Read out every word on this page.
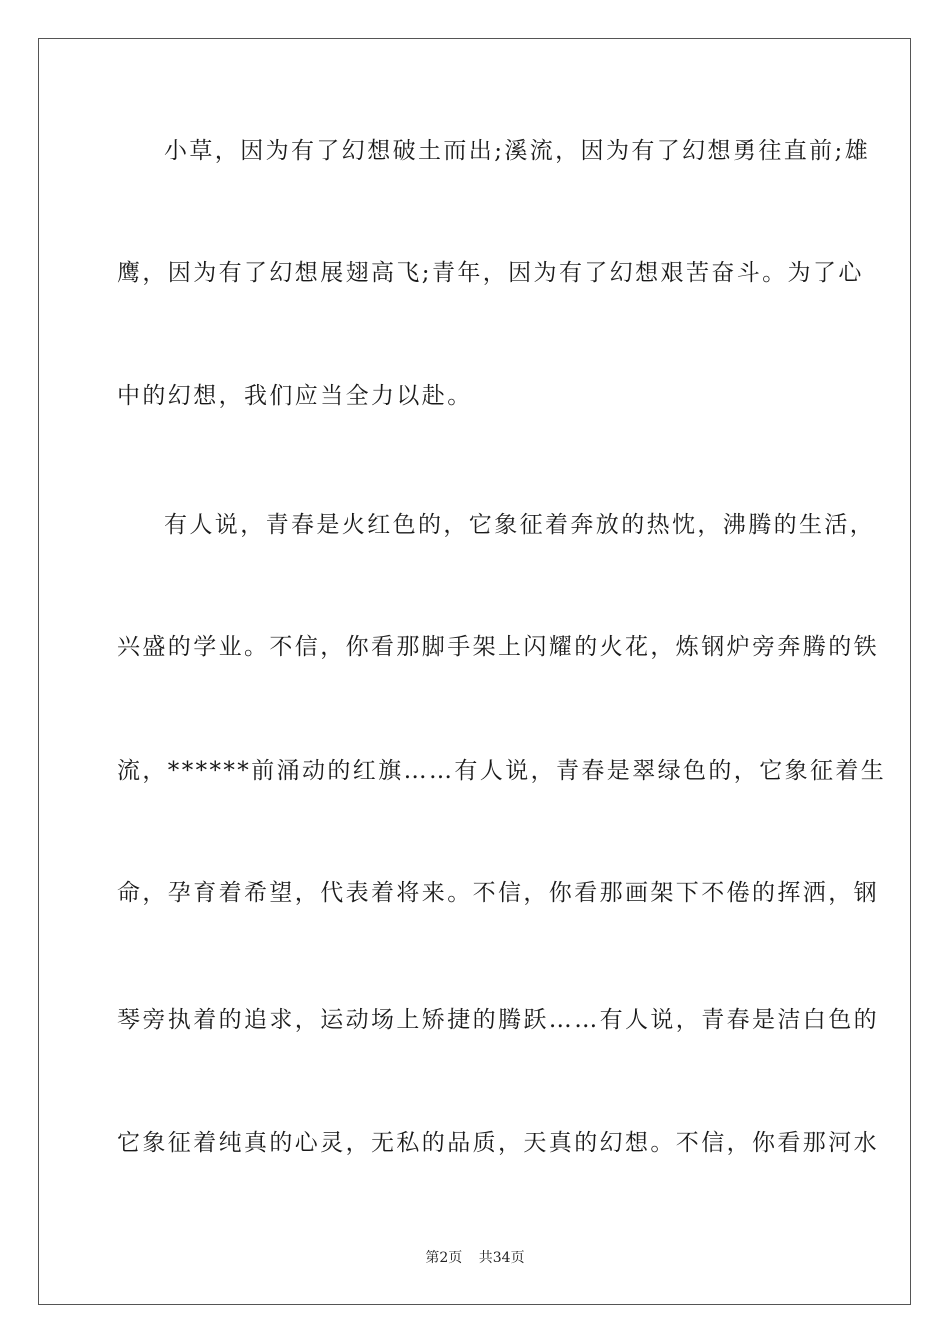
小草，因为有了幻想破土而出;溪流，因为有了幻想勇往直前;雄
鹰，因为有了幻想展翅高飞;青年，因为有了幻想艰苦奋斗。为了心
中的幻想，我们应当全力以赴。
有人说，青春是火红色的，它象征着奔放的热忱，沸腾的生活，
兴盛的学业。不信，你看那脚手架上闪耀的火花，炼钢炉旁奔腾的铁
流，******前涌动的红旗……有人说，青春是翠绿色的，它象征着生
命，孕育着希望，代表着将来。不信，你看那画架下不倦的挥洒，钢
琴旁执着的追求，运动场上矫捷的腾跃……有人说，青春是洁白色的
它象征着纯真的心灵，无私的品质，天真的幻想。不信，你看那河水
第2页 共34页
